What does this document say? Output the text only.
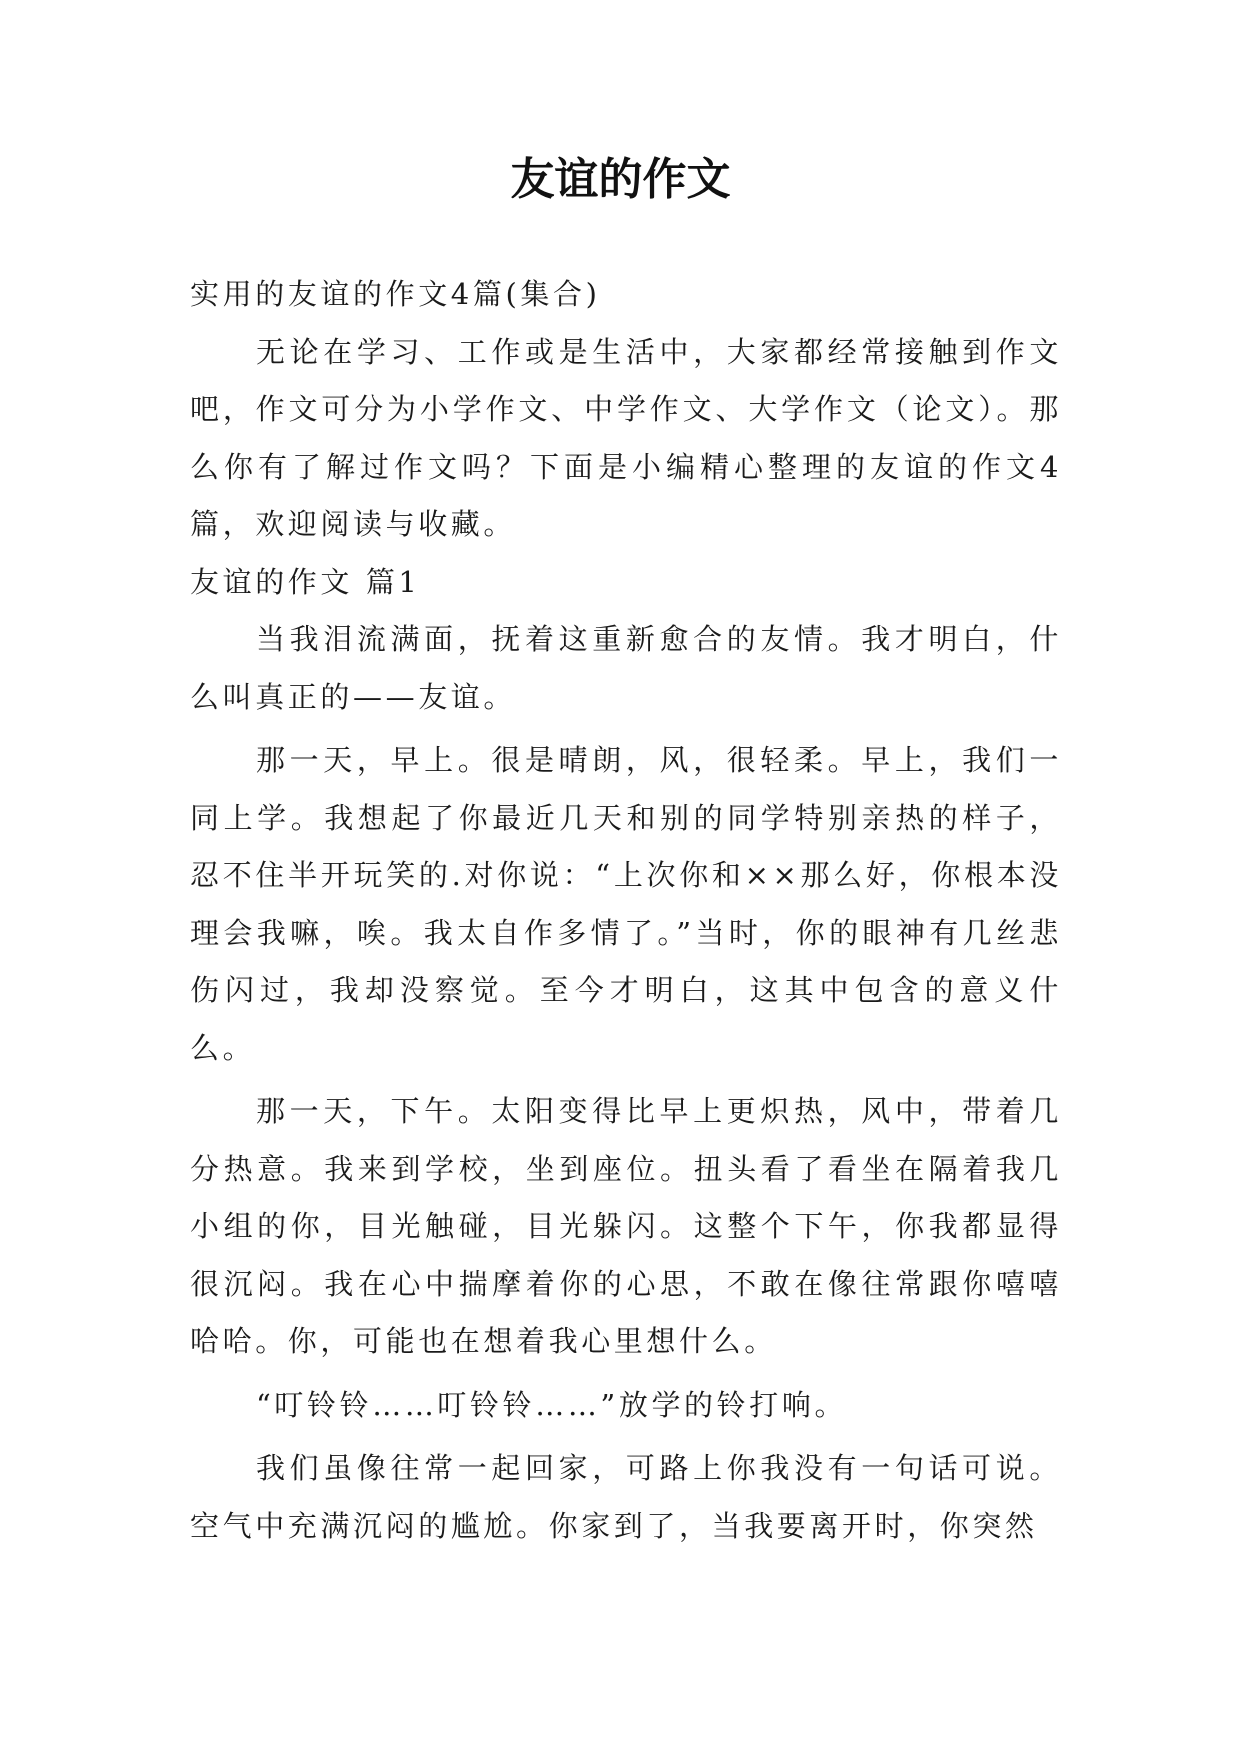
友谊的作文

实用的友谊的作文4篇(集合)

无论在学习、工作或是生活中，大家都经常接触到作文吧，作文可分为小学作文、中学作文、大学作文（论文）。那么你有了解过作文吗？下面是小编精心整理的友谊的作文4篇，欢迎阅读与收藏。

友谊的作文 篇1

当我泪流满面，抚着这重新愈合的友情。我才明白，什么叫真正的——友谊。

那一天，早上。很是晴朗，风，很轻柔。早上，我们一同上学。我想起了你最近几天和别的同学特别亲热的样子，忍不住半开玩笑的.对你说：“上次你和××那么好，你根本没理会我嘛，唉。我太自作多情了。”当时，你的眼神有几丝悲伤闪过，我却没察觉。至今才明白，这其中包含的意义什么。

那一天，下午。太阳变得比早上更炽热，风中，带着几分热意。我来到学校，坐到座位。扭头看了看坐在隔着我几小组的你，目光触碰，目光躲闪。这整个下午，你我都显得很沉闷。我在心中揣摩着你的心思，不敢在像往常跟你嘻嘻哈哈。你，可能也在想着我心里想什么。

“叮铃铃……叮铃铃……”放学的铃打响。

我们虽像往常一起回家，可路上你我没有一句话可说。空气中充满沉闷的尴尬。你家到了，当我要离开时，你突然
